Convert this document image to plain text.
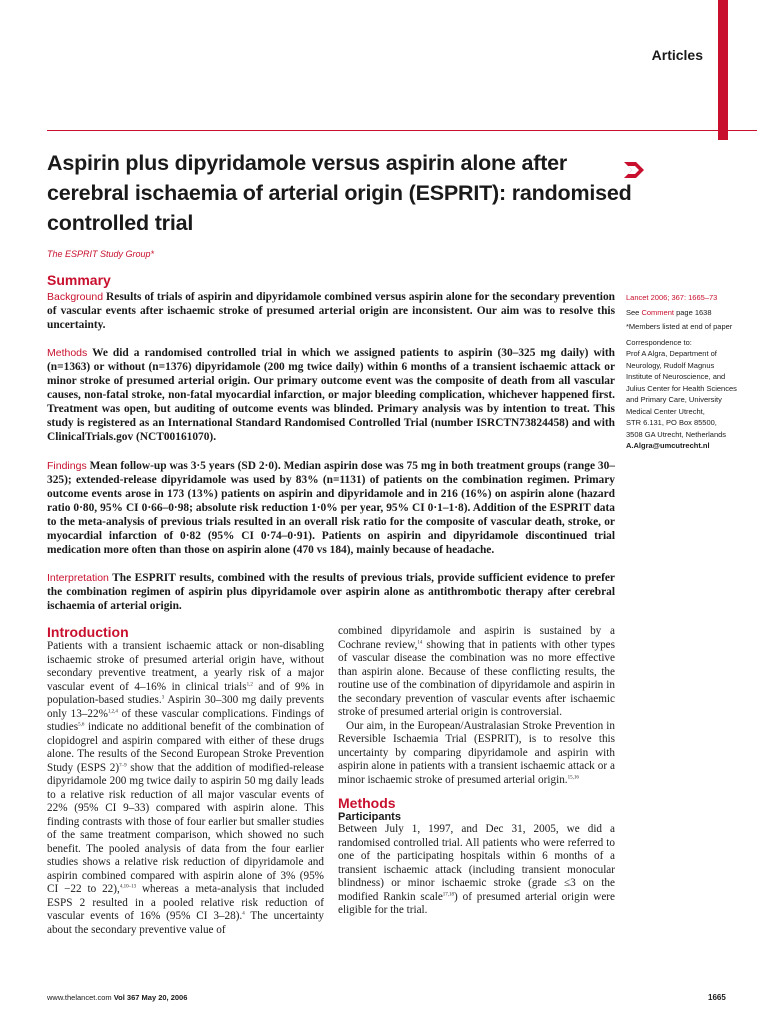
Articles
Aspirin plus dipyridamole versus aspirin alone after cerebral ischaemia of arterial origin (ESPRIT): randomised controlled trial
The ESPRIT Study Group*
Summary
Background Results of trials of aspirin and dipyridamole combined versus aspirin alone for the secondary prevention of vascular events after ischaemic stroke of presumed arterial origin are inconsistent. Our aim was to resolve this uncertainty.
Methods We did a randomised controlled trial in which we assigned patients to aspirin (30–325 mg daily) with (n=1363) or without (n=1376) dipyridamole (200 mg twice daily) within 6 months of a transient ischaemic attack or minor stroke of presumed arterial origin. Our primary outcome event was the composite of death from all vascular causes, non-fatal stroke, non-fatal myocardial infarction, or major bleeding complication, whichever happened first. Treatment was open, but auditing of outcome events was blinded. Primary analysis was by intention to treat. This study is registered as an International Standard Randomised Controlled Trial (number ISRCTN73824458) and with ClinicalTrials.gov (NCT00161070).
Findings Mean follow-up was 3·5 years (SD 2·0). Median aspirin dose was 75 mg in both treatment groups (range 30–325); extended-release dipyridamole was used by 83% (n=1131) of patients on the combination regimen. Primary outcome events arose in 173 (13%) patients on aspirin and dipyridamole and in 216 (16%) on aspirin alone (hazard ratio 0·80, 95% CI 0·66–0·98; absolute risk reduction 1·0% per year, 95% CI 0·1–1·8). Addition of the ESPRIT data to the meta-analysis of previous trials resulted in an overall risk ratio for the composite of vascular death, stroke, or myocardial infarction of 0·82 (95% CI 0·74–0·91). Patients on aspirin and dipyridamole discontinued trial medication more often than those on aspirin alone (470 vs 184), mainly because of headache.
Interpretation The ESPRIT results, combined with the results of previous trials, provide sufficient evidence to prefer the combination regimen of aspirin plus dipyridamole over aspirin alone as antithrombotic therapy after cerebral ischaemia of arterial origin.
Lancet 2006; 367: 1665–73
See Comment page 1638
*Members listed at end of paper
Correspondence to:
Prof A Algra, Department of
Neurology, Rudolf Magnus
Institute of Neuroscience, and
Julius Center for Health Sciences
and Primary Care, University
Medical Center Utrecht,
STR 6.131, PO Box 85500,
3508 GA Utrecht, Netherlands
A.Algra@umcutrecht.nl
Introduction
Patients with a transient ischaemic attack or non-disabling ischaemic stroke of presumed arterial origin have, without secondary preventive treatment, a yearly risk of a major vascular event of 4–16% in clinical trials$^{1,2}$ and of 9% in population-based studies.$^3$ Aspirin 30–300 mg daily prevents only 13–22%$^{1,2,4}$ of these vascular complications. Findings of studies$^{5,6}$ indicate no additional benefit of the combination of clopidogrel and aspirin compared with either of these drugs alone. The results of the Second European Stroke Prevention Study (ESPS 2)$^{7-9}$ show that the addition of modified-release dipyridamole 200 mg twice daily to aspirin 50 mg daily leads to a relative risk reduction of all major vascular events of 22% (95% CI 9–33) compared with aspirin alone. This finding contrasts with those of four earlier but smaller studies of the same treatment comparison, which showed no such benefit. The pooled analysis of data from the four earlier studies shows a relative risk reduction of dipyridamole and aspirin combined compared with aspirin alone of 3% (95% CI −22 to 22),$^{4,10-13}$ whereas a meta-analysis that included ESPS 2 resulted in a pooled relative risk reduction of vascular events of 16% (95% CI 3–28).$^4$ The uncertainty about the secondary preventive value of
combined dipyridamole and aspirin is sustained by a Cochrane review,$^{14}$ showing that in patients with other types of vascular disease the combination was no more effective than aspirin alone. Because of these conflicting results, the routine use of the combination of dipyridamole and aspirin in the secondary prevention of vascular events after ischaemic stroke of presumed arterial origin is controversial.
Our aim, in the European/Australasian Stroke Prevention in Reversible Ischaemia Trial (ESPRIT), is to resolve this uncertainty by comparing dipyridamole and aspirin with aspirin alone in patients with a transient ischaemic attack or a minor ischaemic stroke of presumed arterial origin.$^{15,16}$
Methods
Participants
Between July 1, 1997, and Dec 31, 2005, we did a randomised controlled trial. All patients who were referred to one of the participating hospitals within 6 months of a transient ischaemic attack (including transient monocular blindness) or minor ischaemic stroke (grade ≤3 on the modified Rankin scale$^{17,18}$) of presumed arterial origin were eligible for the trial.
www.thelancet.com Vol 367 May 20, 2006	1665
